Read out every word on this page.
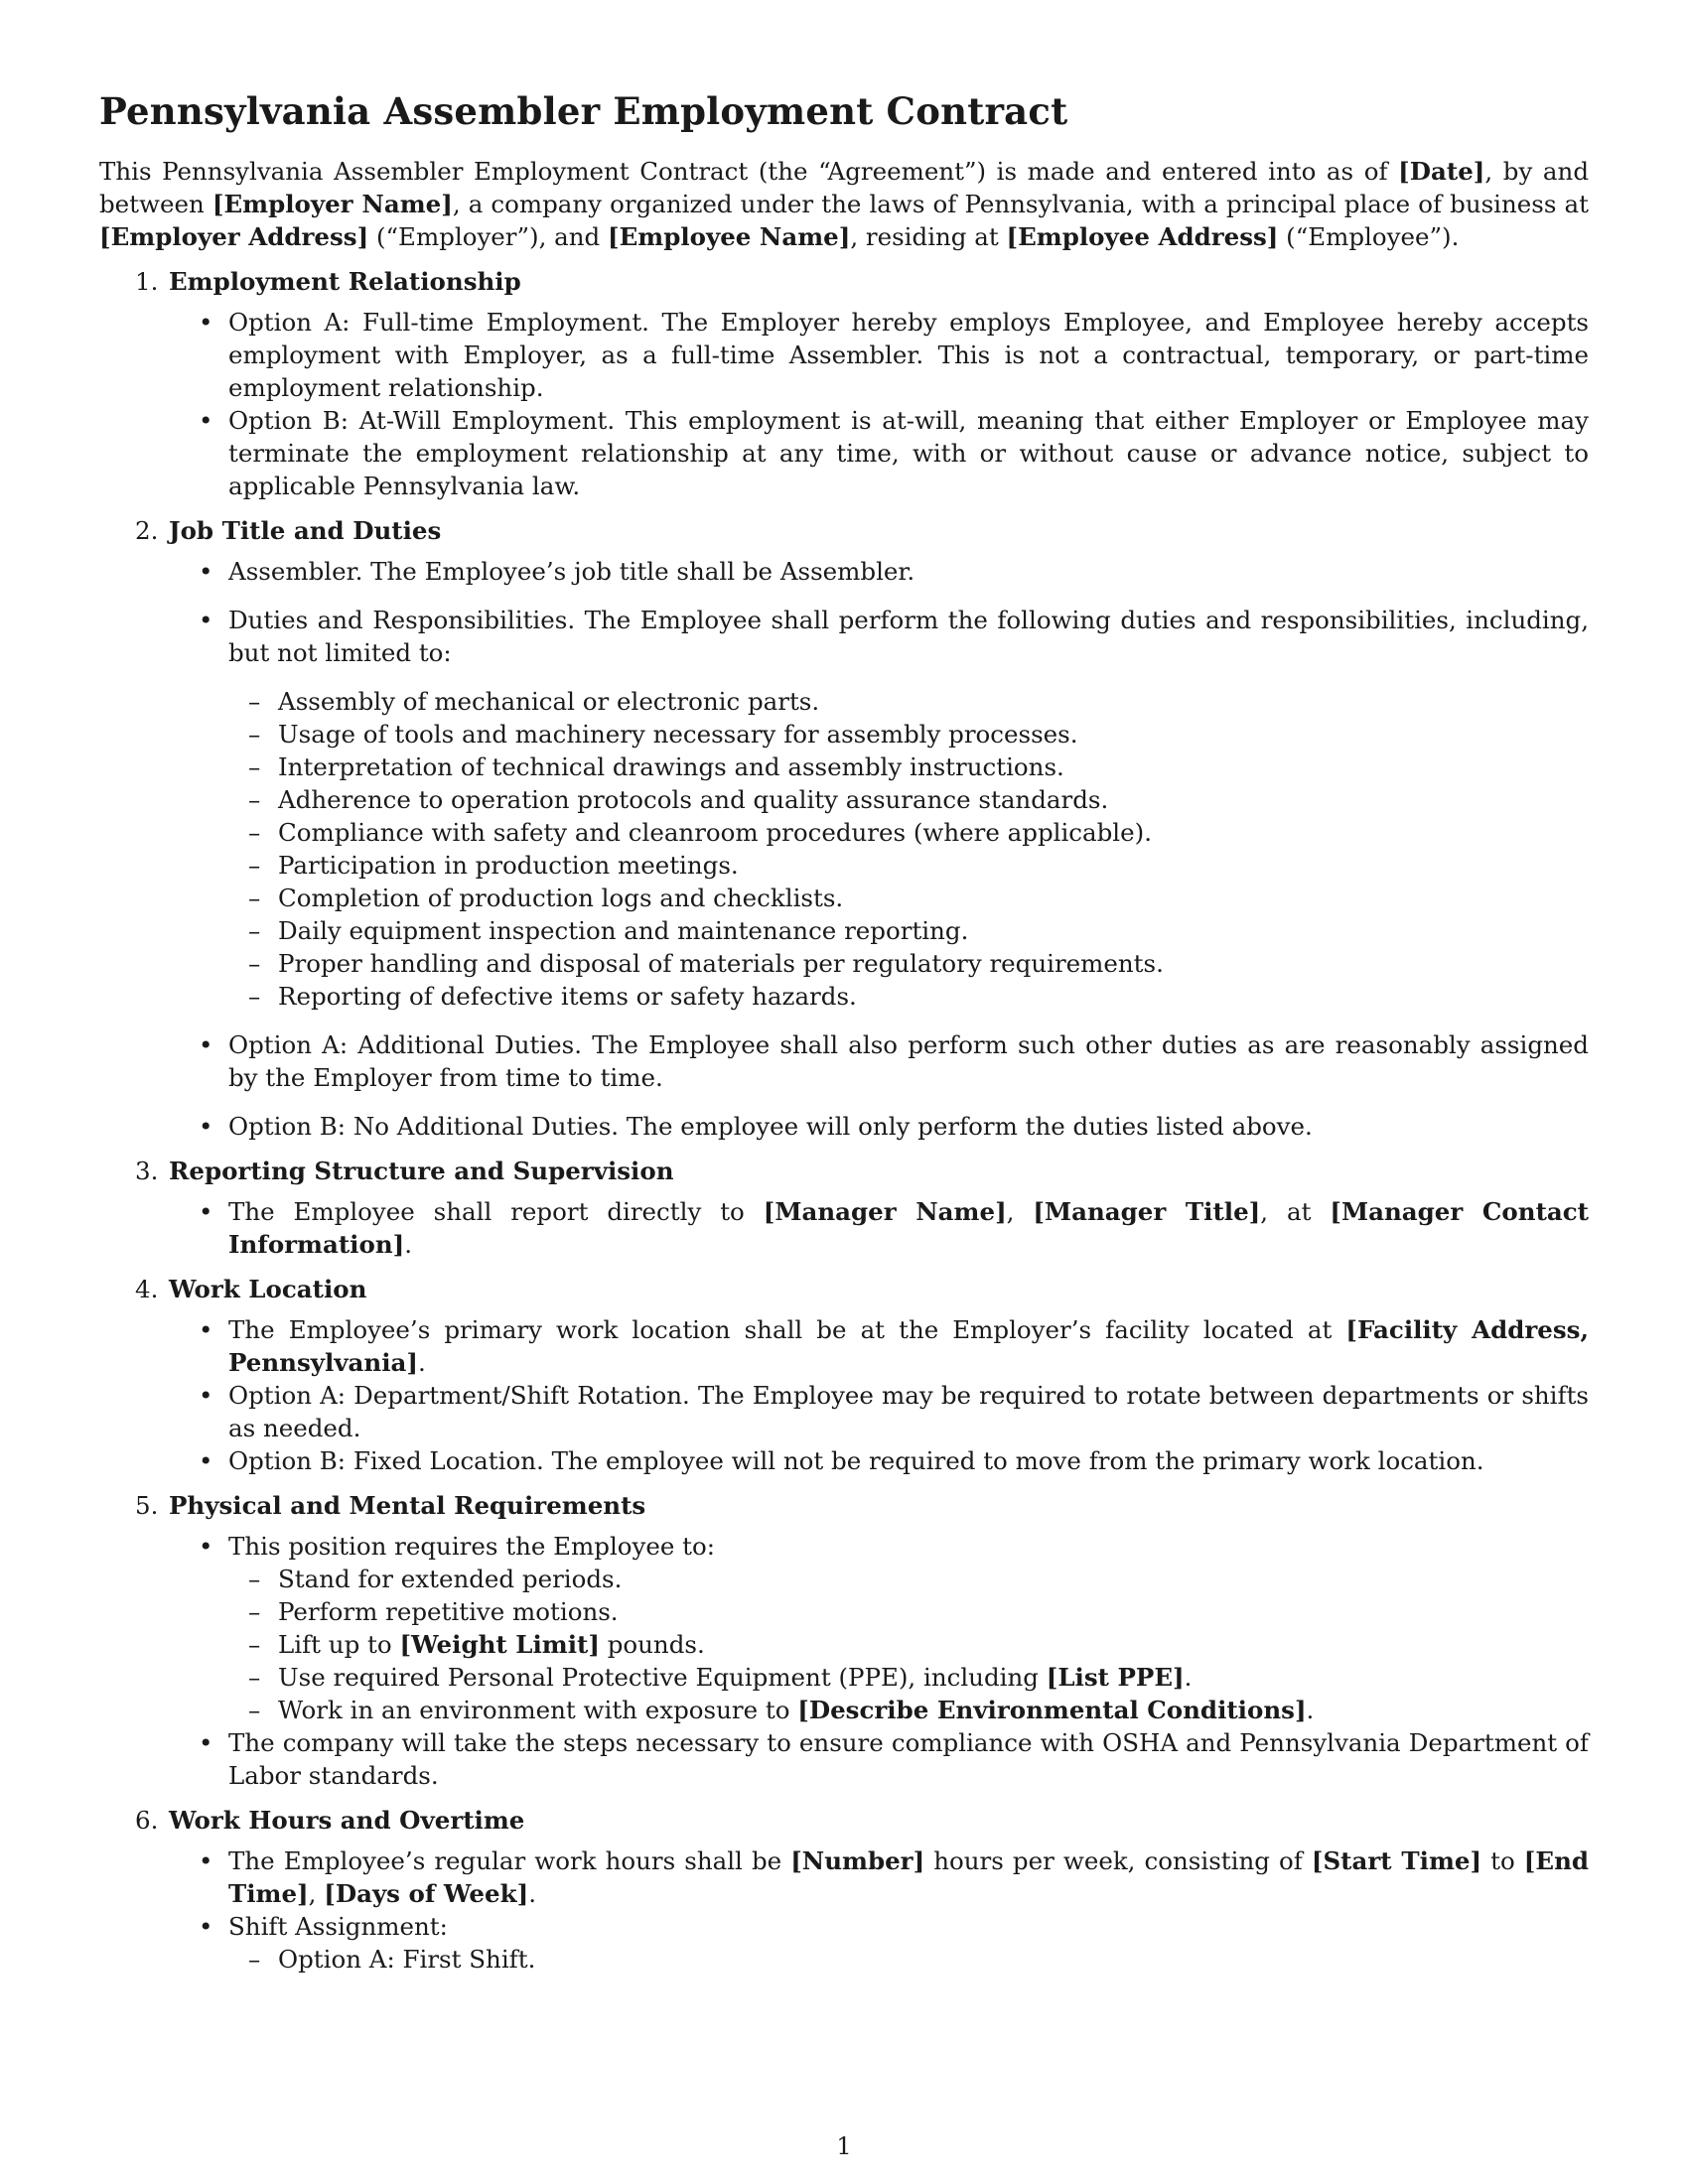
Pennsylvania Assembler Employment Contract

This Pennsylvania Assembler Employment Contract (the “Agreement”) is made and entered into as of [Date], by and between [Employer Name], a company organized under the laws of Pennsylvania, with a principal place of business at [Employer Address] (“Employer”), and [Employee Name], residing at [Employee Address] (“Employee”).

1. Employment Relationship
• Option A: Full-time Employment. The Employer hereby employs Employee, and Employee hereby accepts employment with Employer, as a full-time Assembler. This is not a contractual, temporary, or part-time employment relationship.
• Option B: At-Will Employment. This employment is at-will, meaning that either Employer or Employee may terminate the employment relationship at any time, with or without cause or advance notice, subject to applicable Pennsylvania law.
2. Job Title and Duties
• Assembler. The Employee’s job title shall be Assembler.
• Duties and Responsibilities. The Employee shall perform the following duties and responsibilities, including, but not limited to:
– Assembly of mechanical or electronic parts.
– Usage of tools and machinery necessary for assembly processes.
– Interpretation of technical drawings and assembly instructions.
– Adherence to operation protocols and quality assurance standards.
– Compliance with safety and cleanroom procedures (where applicable).
– Participation in production meetings.
– Completion of production logs and checklists.
– Daily equipment inspection and maintenance reporting.
– Proper handling and disposal of materials per regulatory requirements.
– Reporting of defective items or safety hazards.
• Option A: Additional Duties. The Employee shall also perform such other duties as are reasonably assigned by the Employer from time to time.
• Option B: No Additional Duties. The employee will only perform the duties listed above.
3. Reporting Structure and Supervision
• The Employee shall report directly to [Manager Name], [Manager Title], at [Manager Contact Information].
4. Work Location
• The Employee’s primary work location shall be at the Employer’s facility located at [Facility Address, Pennsylvania].
• Option A: Department/Shift Rotation. The Employee may be required to rotate between departments or shifts as needed.
• Option B: Fixed Location. The employee will not be required to move from the primary work location.
5. Physical and Mental Requirements
• This position requires the Employee to:
– Stand for extended periods.
– Perform repetitive motions.
– Lift up to [Weight Limit] pounds.
– Use required Personal Protective Equipment (PPE), including [List PPE].
– Work in an environment with exposure to [Describe Environmental Conditions].
• The company will take the steps necessary to ensure compliance with OSHA and Pennsylvania Department of Labor standards.
6. Work Hours and Overtime
• The Employee’s regular work hours shall be [Number] hours per week, consisting of [Start Time] to [End Time], [Days of Week].
• Shift Assignment:
– Option A: First Shift.
1
